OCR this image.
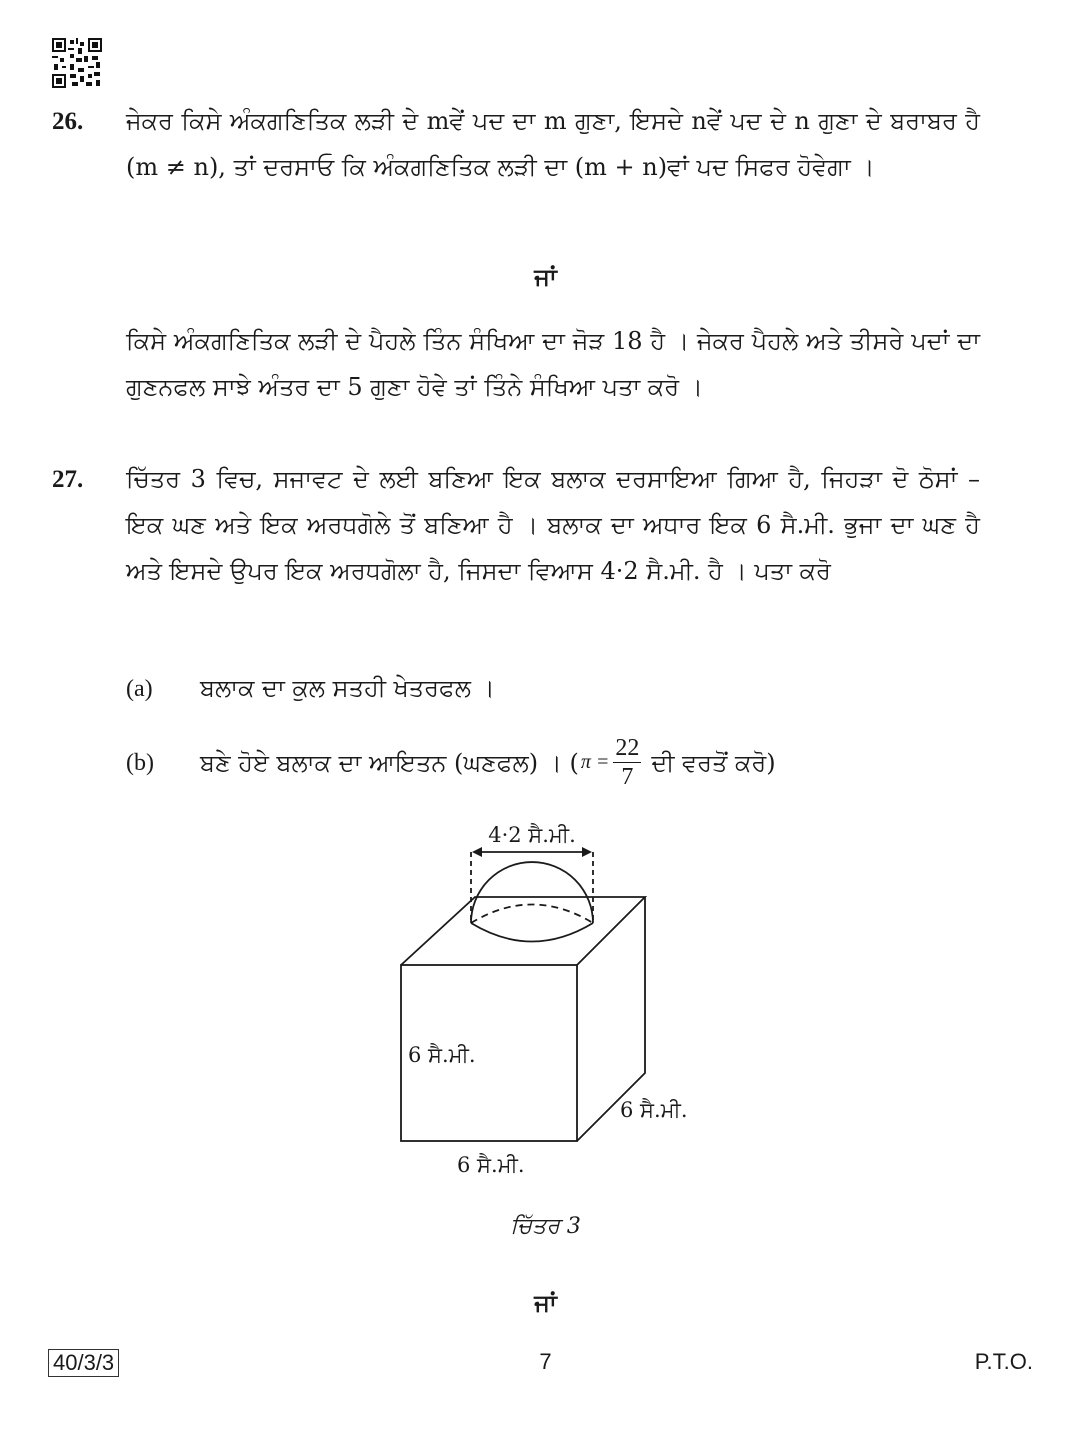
26. ਜੇਕਰ ਕਿਸੇ ਅੰਕਗਣਿਤਿਕ ਲੜੀ ਦੇ mਵੇਂ ਪਦ ਦਾ m ਗੁਣਾ, ਇਸਦੇ nਵੇਂ ਪਦ ਦੇ n ਗੁਣਾ ਦੇ ਬਰਾਬਰ ਹੈ (m ≠ n), ਤਾਂ ਦਰਸਾਓ ਕਿ ਅੰਕਗਣਿਤਿਕ ਲੜੀ ਦਾ (m + n)ਵਾਂ ਪਦ ਸਿਫਰ ਹੋਵੇਗਾ ।
ਜਾਂ
ਕਿਸੇ ਅੰਕਗਣਿਤਿਕ ਲੜੀ ਦੇ ਪੈਹਲੇ ਤਿੰਨ ਸੰਖਿਆ ਦਾ ਜੋੜ 18 ਹੈ । ਜੇਕਰ ਪੈਹਲੇ ਅਤੇ ਤੀਸਰੇ ਪਦਾਂ ਦਾ ਗੁਣਨਫਲ ਸਾਝੇ ਅੰਤਰ ਦਾ 5 ਗੁਣਾ ਹੋਵੇ ਤਾਂ ਤਿੰਨੇ ਸੰਖਿਆ ਪਤਾ ਕਰੋ ।
27. ਚਿੱਤਰ 3 ਵਿਚ, ਸਜਾਵਟ ਦੇ ਲਈ ਬਣਿਆ ਇਕ ਬਲਾਕ ਦਰਸਾਇਆ ਗਿਆ ਹੈ, ਜਿਹੜਾ ਦੋ ਠੋਸਾਂ – ਇਕ ਘਣ ਅਤੇ ਇਕ ਅਰਧਗੋਲੇ ਤੋਂ ਬਣਿਆ ਹੈ । ਬਲਾਕ ਦਾ ਅਧਾਰ ਇਕ 6 ਸੈ.ਮੀ. ਭੁਜਾ ਦਾ ਘਣ ਹੈ ਅਤੇ ਇਸਦੇ ਉਪਰ ਇਕ ਅਰਧਗੋਲਾ ਹੈ, ਜਿਸਦਾ ਵਿਆਸ 4·2 ਸੈ.ਮੀ. ਹੈ । ਪਤਾ ਕਰੋ
(a) ਬਲਾਕ ਦਾ ਕੁਲ ਸਤਹੀ ਖੇਤਰਫਲ ।
(b) ਬਣੇ ਹੋਏ ਬਲਾਕ ਦਾ ਆਇਤਨ (ਘਣਫਲ) । ( $\pi = \frac{22}{7}$ ਦੀ ਵਰਤੋਂ ਕਰੋ)
4·2 ਸੈ.ਮੀ.
6 ਸੈ.ਮੀ.
6 ਸੈ.ਮੀ.
6 ਸੈ.ਮੀ.
ਚਿੱਤਰ 3
ਜਾਂ
40/3/3	7	P.T.O.
